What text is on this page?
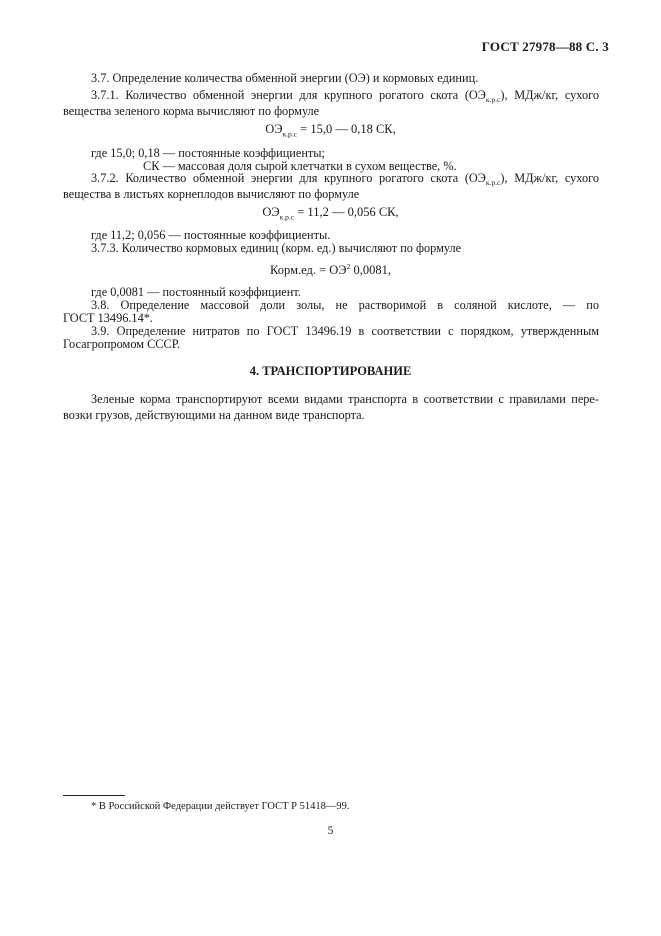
ГОСТ 27978—88 С. 3
3.7. Определение количества обменной энергии (ОЭ) и кормовых единиц.
3.7.1. Количество обменной энергии для крупного рогатого скота $(ОЭ_{к.р.с})$, МДж/кг, сухого
вещества зеленого корма вычисляют по формуле
$ОЭ_{к.р.с} = 15,0$ — 0,18 СК,
где 15,0; 0,18 — постоянные коэффициенты;
СК — массовая доля сырой клетчатки в сухом веществе, %.
3.7.2. Количество обменной энергии для крупного рогатого скота $(ОЭ_{к.р.с})$, МДж/кг, сухого
вещества в листьях корнеплодов вычисляют по формуле
$ОЭ_{к.р.с} = 11,2$ — 0,056 СК,
где 11,2; 0,056 — постоянные коэффициенты.
3.7.3. Количество кормовых единиц (корм. ед.) вычисляют по формуле
Корм.ед. = $ОЭ^2$ 0,0081,
где 0,0081 — постоянный коэффициент.
3.8. Определение массовой доли золы, не растворимой в соляной кислоте, — по
ГОСТ 13496.14*.
3.9. Определение нитратов по ГОСТ 13496.19 в соответствии с порядком, утвержденным
Госагропромом СССР.
4. ТРАНСПОРТИРОВАНИЕ
Зеленые корма транспортируют всеми видами транспорта в соответствии с правилами пере-
возки грузов, действующими на данном виде транспорта.
* В Российской Федерации действует ГОСТ Р 51418—99.
5
